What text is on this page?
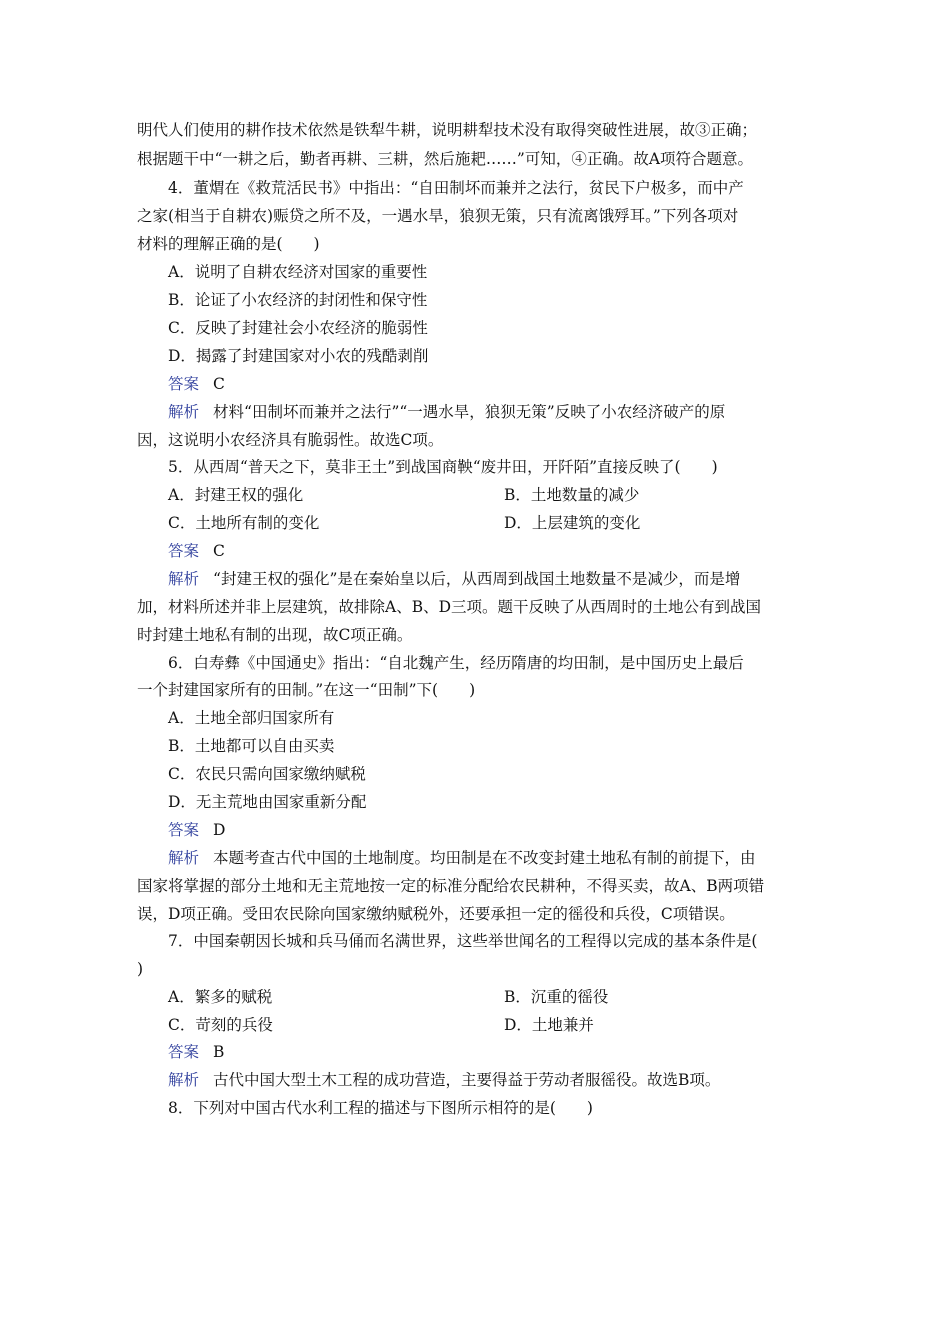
明代人们使用的耕作技术依然是铁犁牛耕，说明耕犁技术没有取得突破性进展，故③正确；
根据题干中“一耕之后，勤者再耕、三耕，然后施耙……”可知，④正确。故A项符合题意。
4．董煟在《救荒活民书》中指出：“自田制坏而兼并之法行，贫民下户极多，而中产
之家(相当于自耕农)赈贷之所不及，一遇水旱，狼狈无策，只有流离饿殍耳。”下列各项对
材料的理解正确的是(　　)
A．说明了自耕农经济对国家的重要性
B．论证了小农经济的封闭性和保守性
C．反映了封建社会小农经济的脆弱性
D．揭露了封建国家对小农的残酷剥削
答案 C
解析 材料“田制坏而兼并之法行”“一遇水旱，狼狈无策”反映了小农经济破产的原
因，这说明小农经济具有脆弱性。故选C项。
5．从西周“普天之下，莫非王土”到战国商鞅“废井田，开阡陌”直接反映了(　　)
A．封建王权的强化	B．土地数量的减少
C．土地所有制的变化	D．上层建筑的变化
答案 C
解析 “封建王权的强化”是在秦始皇以后，从西周到战国土地数量不是减少，而是增
加，材料所述并非上层建筑，故排除A、B、D三项。题干反映了从西周时的土地公有到战国
时封建土地私有制的出现，故C项正确。
6．白寿彝《中国通史》指出：“自北魏产生，经历隋唐的均田制，是中国历史上最后
一个封建国家所有的田制。”在这一“田制”下(　　)
A．土地全部归国家所有
B．土地都可以自由买卖
C．农民只需向国家缴纳赋税
D．无主荒地由国家重新分配
答案 D
解析 本题考查古代中国的土地制度。均田制是在不改变封建土地私有制的前提下，由
国家将掌握的部分土地和无主荒地按一定的标准分配给农民耕种，不得买卖，故A、B两项错
误，D项正确。受田农民除向国家缴纳赋税外，还要承担一定的徭役和兵役，C项错误。
7．中国秦朝因长城和兵马俑而名满世界，这些举世闻名的工程得以完成的基本条件是(
)
A．繁多的赋税	B．沉重的徭役
C．苛刻的兵役	D．土地兼并
答案 B
解析 古代中国大型土木工程的成功营造，主要得益于劳动者服徭役。故选B项。
8．下列对中国古代水利工程的描述与下图所示相符的是(　　)
